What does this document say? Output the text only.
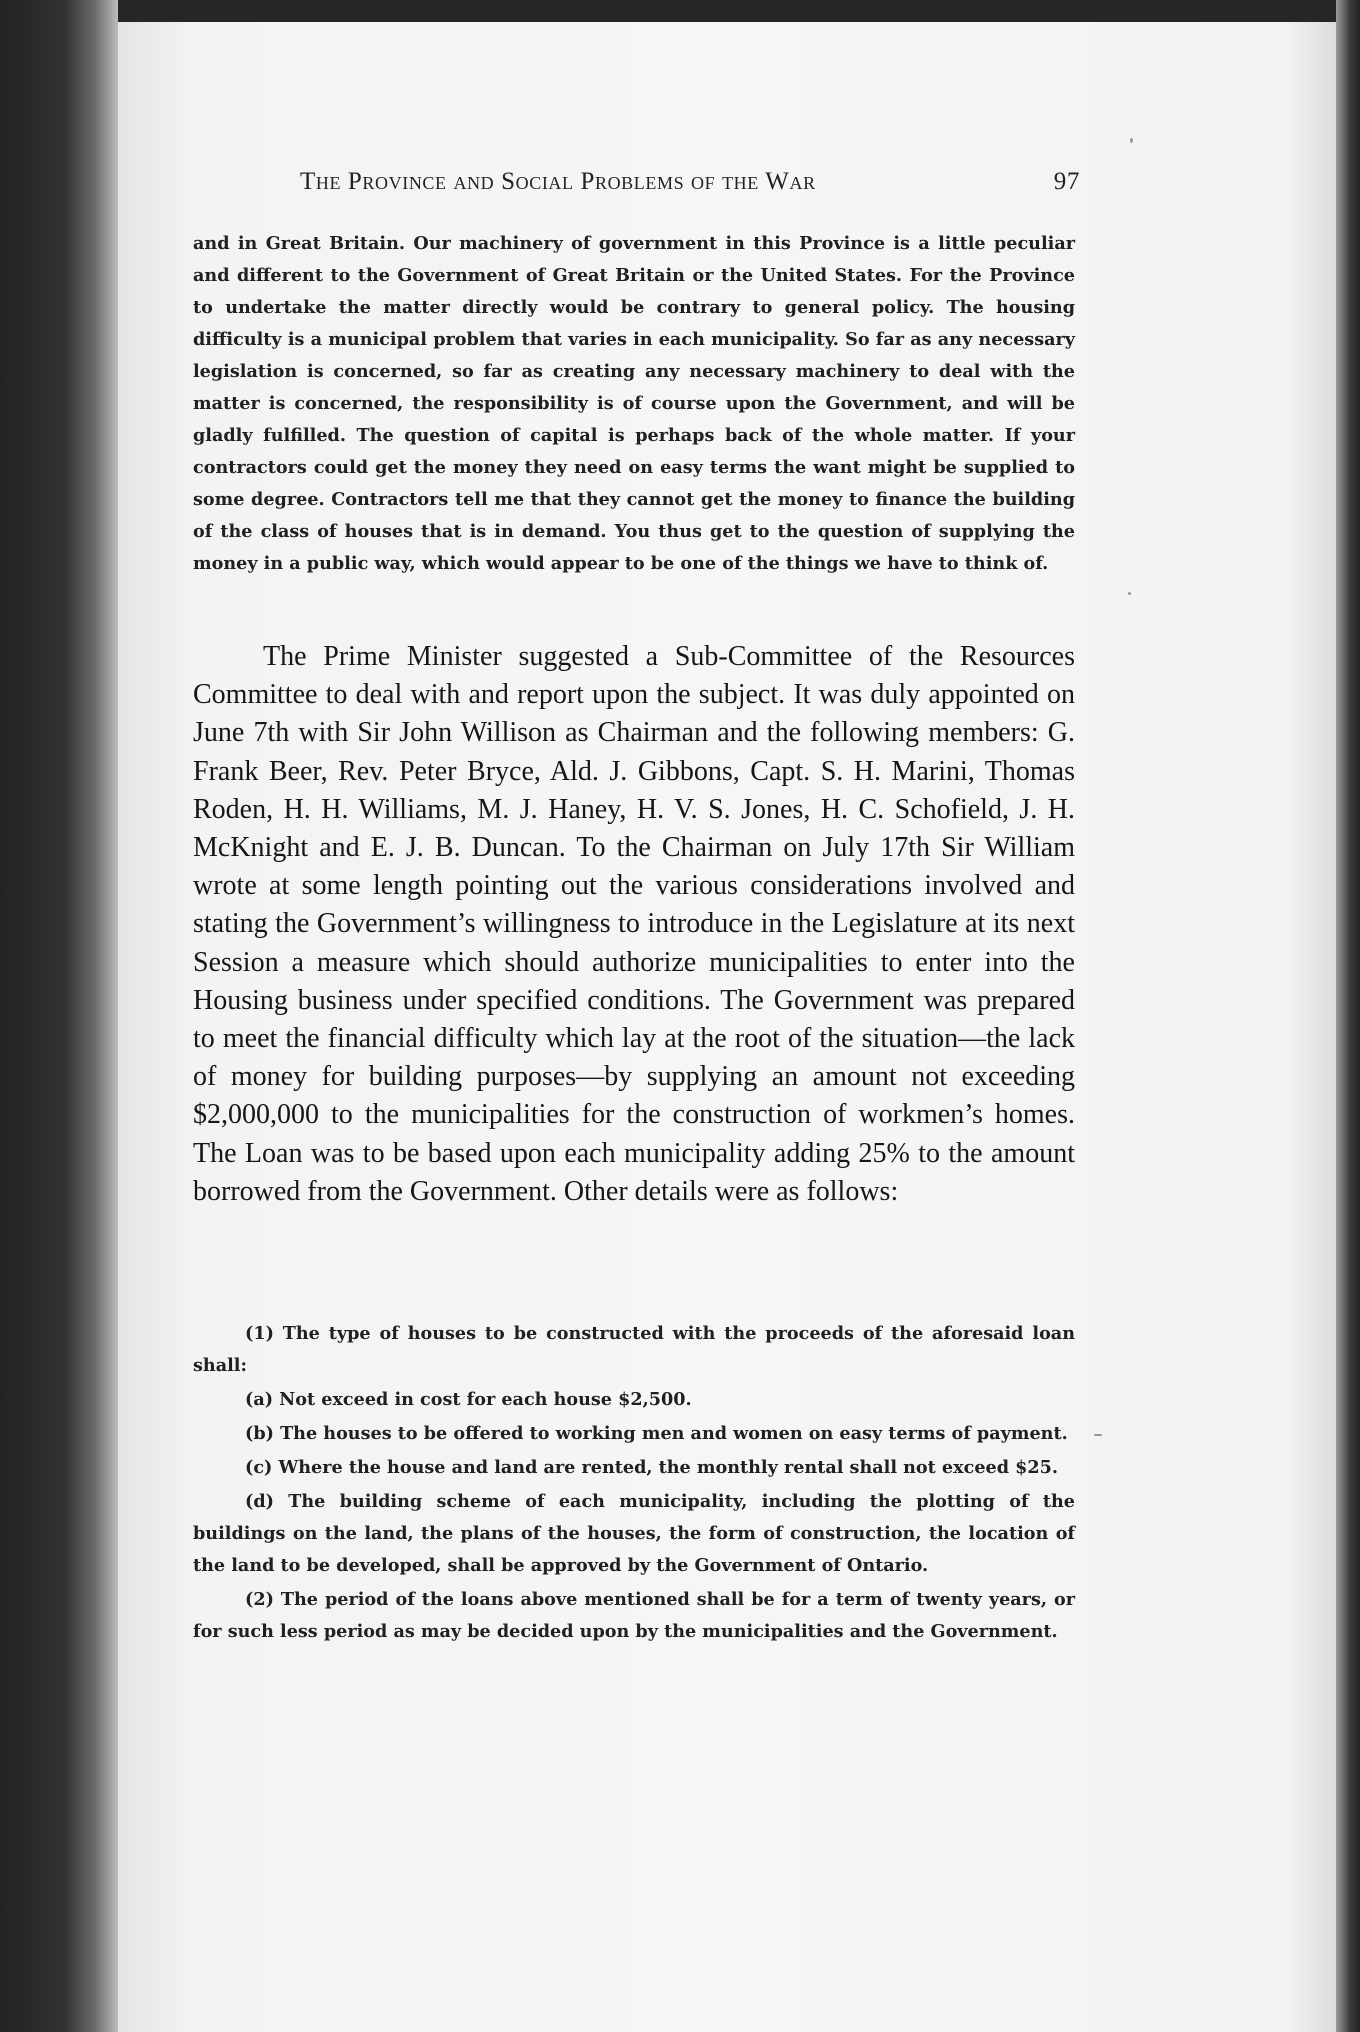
The Province and Social Problems of the War	97

and in Great Britain. Our machinery of government in this Province is a little peculiar and different to the Government of Great Britain or the United States. For the Province to undertake the matter directly would be contrary to general policy. The housing difficulty is a municipal problem that varies in each municipality. So far as any necessary legislation is concerned, so far as creating any necessary machinery to deal with the matter is concerned, the responsibility is of course upon the Government, and will be gladly fulfilled. The question of capital is perhaps back of the whole matter. If your contractors could get the money they need on easy terms the want might be supplied to some degree. Contractors tell me that they cannot get the money to finance the building of the class of houses that is in demand. You thus get to the question of supplying the money in a public way, which would appear to be one of the things we have to think of.

The Prime Minister suggested a Sub-Committee of the Resources Committee to deal with and report upon the subject. It was duly appointed on June 7th with Sir John Willison as Chairman and the following members: G. Frank Beer, Rev. Peter Bryce, Ald. J. Gibbons, Capt. S. H. Marini, Thomas Roden, H. H. Williams, M. J. Haney, H. V. S. Jones, H. C. Schofield, J. H. McKnight and E. J. B. Duncan. To the Chairman on July 17th Sir William wrote at some length pointing out the various considerations involved and stating the Government’s willingness to introduce in the Legislature at its next Session a measure which should authorize municipalities to enter into the Housing business under specified conditions. The Government was prepared to meet the financial difficulty which lay at the root of the situation—the lack of money for building purposes—by supplying an amount not exceeding $2,000,000 to the municipalities for the construction of workmen’s homes. The Loan was to be based upon each municipality adding 25% to the amount borrowed from the Government. Other details were as follows:

(1) The type of houses to be constructed with the proceeds of the aforesaid loan shall:

(a) Not exceed in cost for each house $2,500.

(b) The houses to be offered to working men and women on easy terms of payment.

(c) Where the house and land are rented, the monthly rental shall not exceed $25.

(d) The building scheme of each municipality, including the plotting of the buildings on the land, the plans of the houses, the form of construction, the location of the land to be developed, shall be approved by the Government of Ontario.

(2) The period of the loans above mentioned shall be for a term of twenty years, or for such less period as may be decided upon by the municipalities and the Government.
